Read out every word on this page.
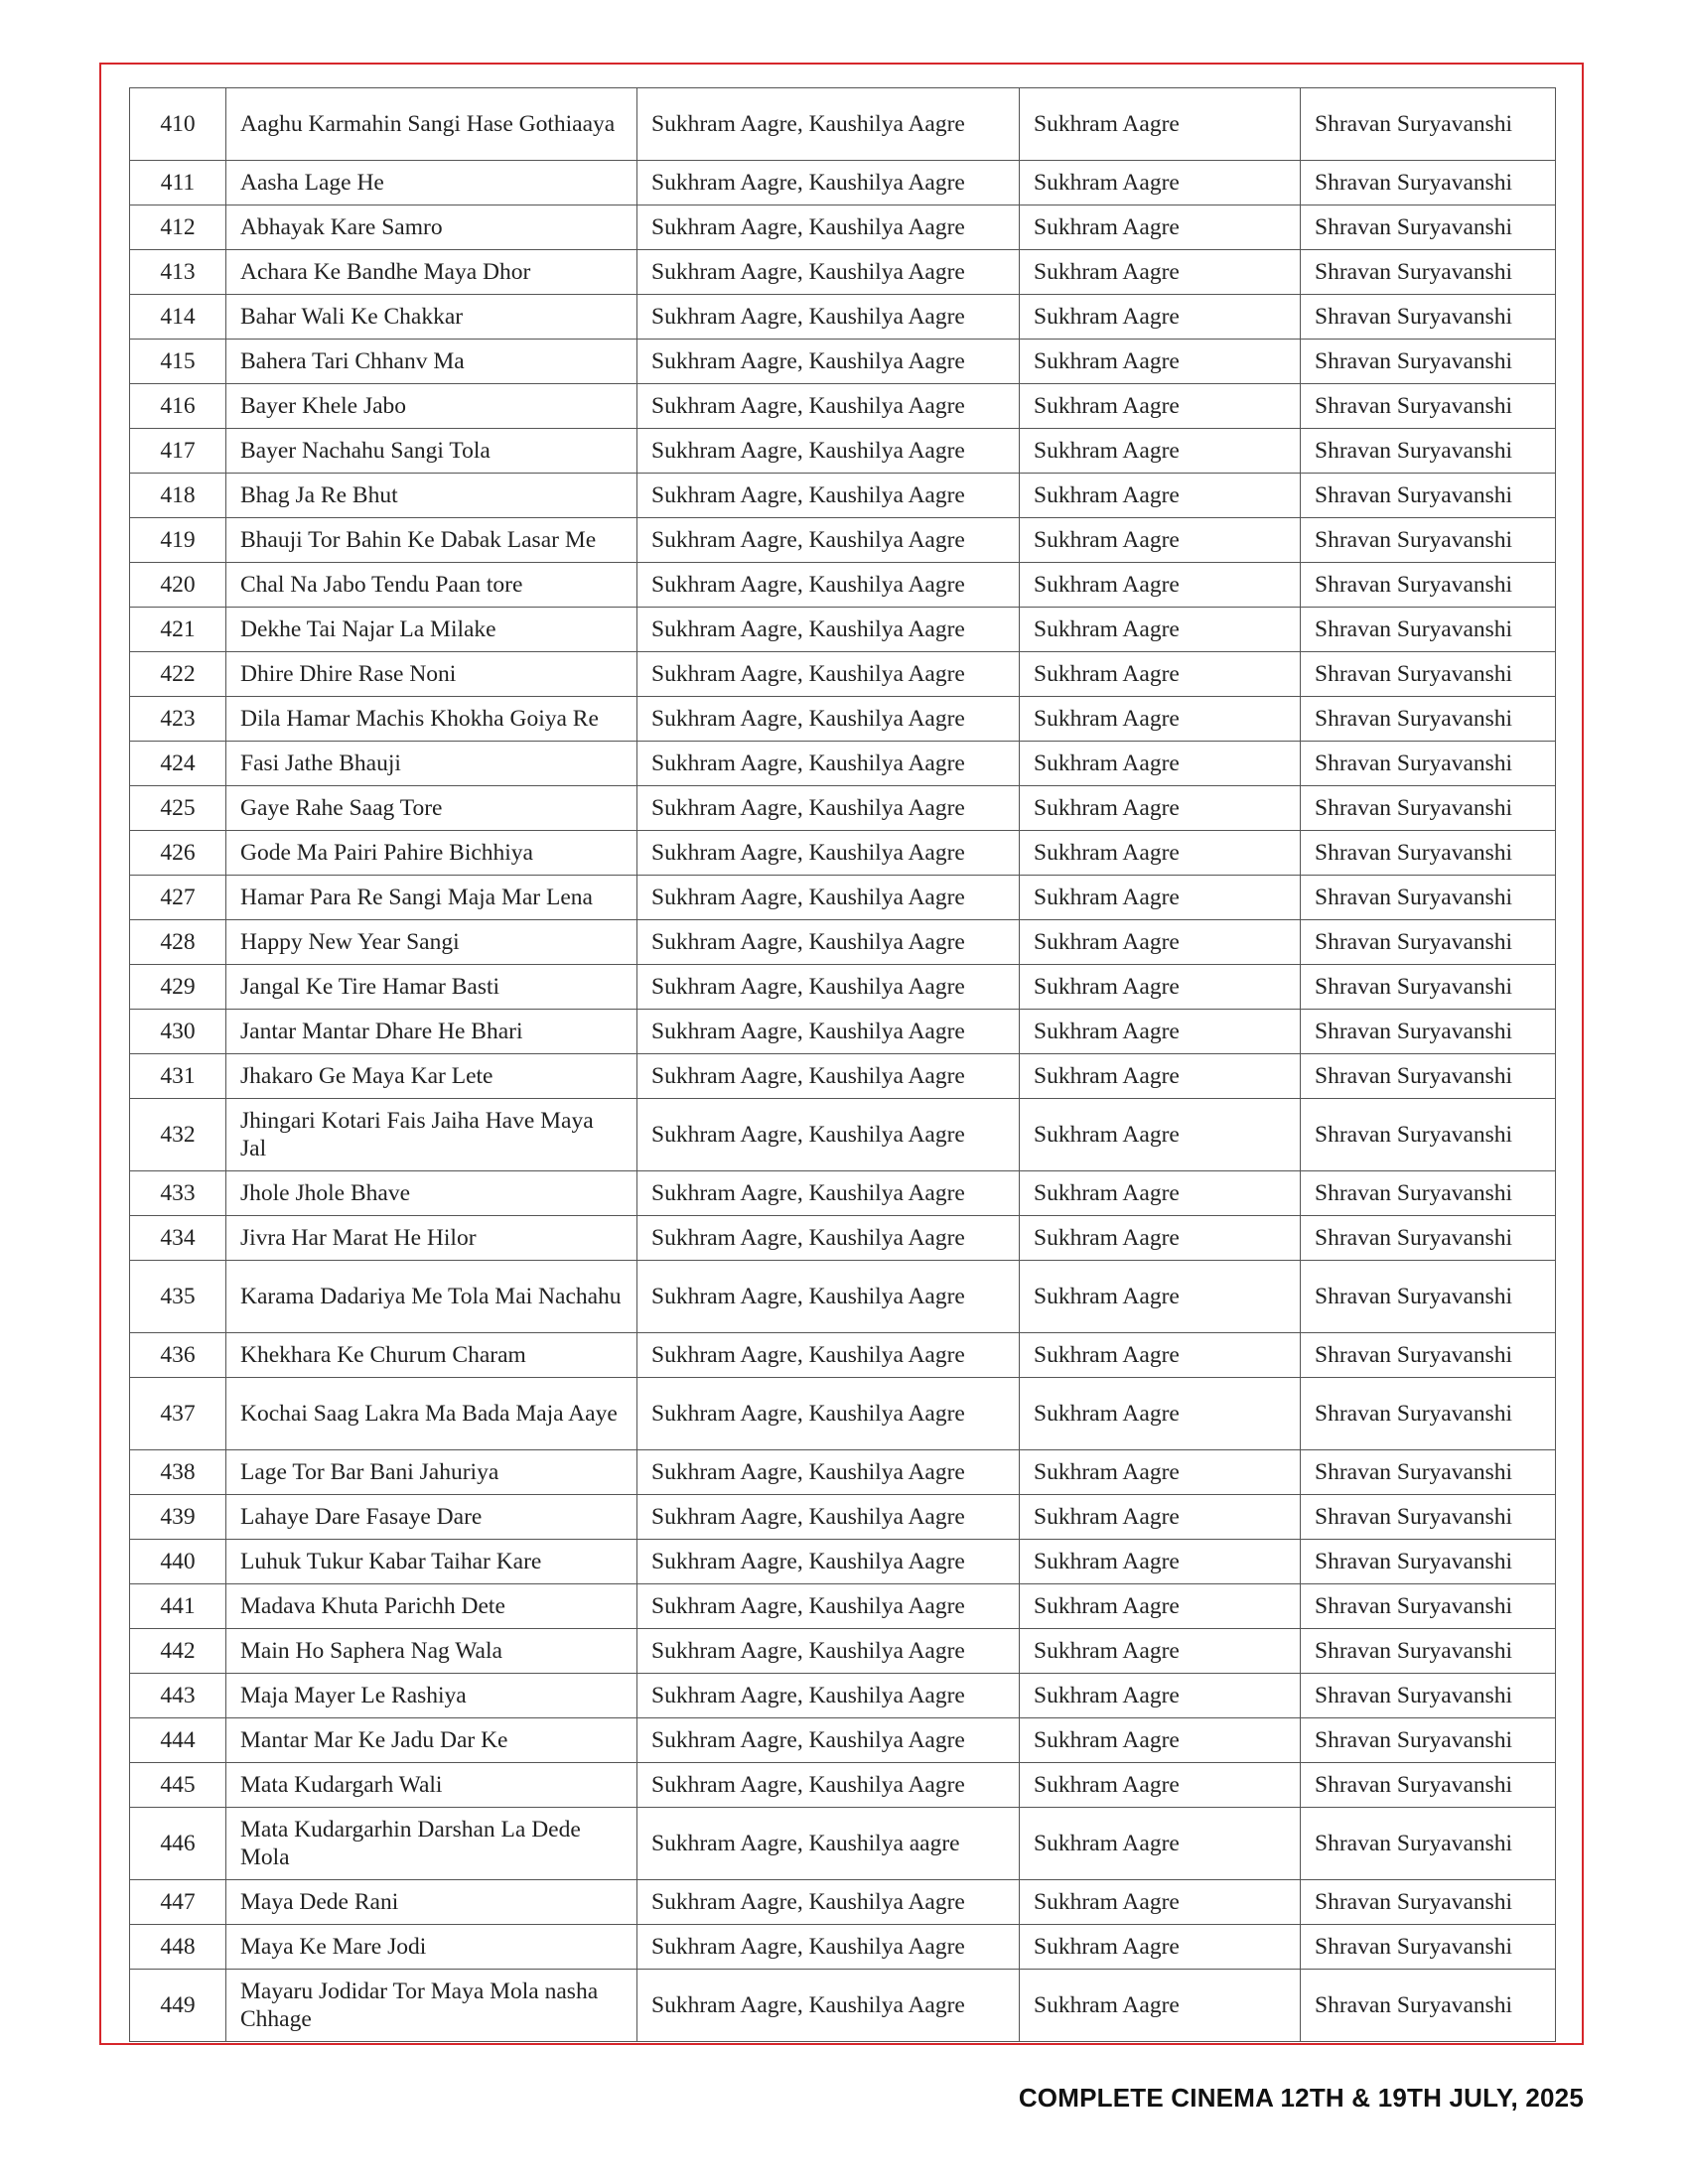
410	Aaghu Karmahin Sangi Hase Gothiaaya	Sukhram Aagre, Kaushilya Aagre	Sukhram Aagre	Shravan Suryavanshi
411	Aasha Lage He	Sukhram Aagre, Kaushilya Aagre	Sukhram Aagre	Shravan Suryavanshi
412	Abhayak Kare Samro	Sukhram Aagre, Kaushilya Aagre	Sukhram Aagre	Shravan Suryavanshi
413	Achara Ke Bandhe Maya Dhor	Sukhram Aagre, Kaushilya Aagre	Sukhram Aagre	Shravan Suryavanshi
414	Bahar Wali Ke Chakkar	Sukhram Aagre, Kaushilya Aagre	Sukhram Aagre	Shravan Suryavanshi
415	Bahera Tari Chhanv Ma	Sukhram Aagre, Kaushilya Aagre	Sukhram Aagre	Shravan Suryavanshi
416	Bayer Khele Jabo	Sukhram Aagre, Kaushilya Aagre	Sukhram Aagre	Shravan Suryavanshi
417	Bayer Nachahu Sangi Tola	Sukhram Aagre, Kaushilya Aagre	Sukhram Aagre	Shravan Suryavanshi
418	Bhag Ja Re Bhut	Sukhram Aagre, Kaushilya Aagre	Sukhram Aagre	Shravan Suryavanshi
419	Bhauji Tor Bahin Ke Dabak Lasar Me	Sukhram Aagre, Kaushilya Aagre	Sukhram Aagre	Shravan Suryavanshi
420	Chal Na Jabo Tendu Paan tore	Sukhram Aagre, Kaushilya Aagre	Sukhram Aagre	Shravan Suryavanshi
421	Dekhe Tai Najar La Milake	Sukhram Aagre, Kaushilya Aagre	Sukhram Aagre	Shravan Suryavanshi
422	Dhire Dhire Rase Noni	Sukhram Aagre, Kaushilya Aagre	Sukhram Aagre	Shravan Suryavanshi
423	Dila Hamar Machis Khokha Goiya Re	Sukhram Aagre, Kaushilya Aagre	Sukhram Aagre	Shravan Suryavanshi
424	Fasi Jathe Bhauji	Sukhram Aagre, Kaushilya Aagre	Sukhram Aagre	Shravan Suryavanshi
425	Gaye Rahe Saag Tore	Sukhram Aagre, Kaushilya Aagre	Sukhram Aagre	Shravan Suryavanshi
426	Gode Ma Pairi Pahire Bichhiya	Sukhram Aagre, Kaushilya Aagre	Sukhram Aagre	Shravan Suryavanshi
427	Hamar Para Re Sangi Maja Mar Lena	Sukhram Aagre, Kaushilya Aagre	Sukhram Aagre	Shravan Suryavanshi
428	Happy New Year Sangi	Sukhram Aagre, Kaushilya Aagre	Sukhram Aagre	Shravan Suryavanshi
429	Jangal Ke Tire Hamar Basti	Sukhram Aagre, Kaushilya Aagre	Sukhram Aagre	Shravan Suryavanshi
430	Jantar Mantar Dhare He Bhari	Sukhram Aagre, Kaushilya Aagre	Sukhram Aagre	Shravan Suryavanshi
431	Jhakaro Ge Maya Kar Lete	Sukhram Aagre, Kaushilya Aagre	Sukhram Aagre	Shravan Suryavanshi
432	Jhingari Kotari Fais Jaiha Have Maya Jal	Sukhram Aagre, Kaushilya Aagre	Sukhram Aagre	Shravan Suryavanshi
433	Jhole Jhole Bhave	Sukhram Aagre, Kaushilya Aagre	Sukhram Aagre	Shravan Suryavanshi
434	Jivra Har Marat He Hilor	Sukhram Aagre, Kaushilya Aagre	Sukhram Aagre	Shravan Suryavanshi
435	Karama Dadariya Me Tola Mai Nachahu	Sukhram Aagre, Kaushilya Aagre	Sukhram Aagre	Shravan Suryavanshi
436	Khekhara Ke Churum Charam	Sukhram Aagre, Kaushilya Aagre	Sukhram Aagre	Shravan Suryavanshi
437	Kochai Saag Lakra Ma Bada Maja Aaye	Sukhram Aagre, Kaushilya Aagre	Sukhram Aagre	Shravan Suryavanshi
438	Lage Tor Bar Bani Jahuriya	Sukhram Aagre, Kaushilya Aagre	Sukhram Aagre	Shravan Suryavanshi
439	Lahaye Dare Fasaye Dare	Sukhram Aagre, Kaushilya Aagre	Sukhram Aagre	Shravan Suryavanshi
440	Luhuk Tukur Kabar Taihar Kare	Sukhram Aagre, Kaushilya Aagre	Sukhram Aagre	Shravan Suryavanshi
441	Madava Khuta Parichh Dete	Sukhram Aagre, Kaushilya Aagre	Sukhram Aagre	Shravan Suryavanshi
442	Main Ho Saphera Nag Wala	Sukhram Aagre, Kaushilya Aagre	Sukhram Aagre	Shravan Suryavanshi
443	Maja Mayer Le Rashiya	Sukhram Aagre, Kaushilya Aagre	Sukhram Aagre	Shravan Suryavanshi
444	Mantar Mar Ke Jadu Dar Ke	Sukhram Aagre, Kaushilya Aagre	Sukhram Aagre	Shravan Suryavanshi
445	Mata Kudargarh Wali	Sukhram Aagre, Kaushilya Aagre	Sukhram Aagre	Shravan Suryavanshi
446	Mata Kudargarhin Darshan La Dede Mola	Sukhram Aagre, Kaushilya aagre	Sukhram Aagre	Shravan Suryavanshi
447	Maya Dede Rani	Sukhram Aagre, Kaushilya Aagre	Sukhram Aagre	Shravan Suryavanshi
448	Maya Ke Mare Jodi	Sukhram Aagre, Kaushilya Aagre	Sukhram Aagre	Shravan Suryavanshi
449	Mayaru Jodidar Tor Maya Mola nasha Chhage	Sukhram Aagre, Kaushilya Aagre	Sukhram Aagre	Shravan Suryavanshi
COMPLETE CINEMA 12TH & 19TH JULY, 2025
